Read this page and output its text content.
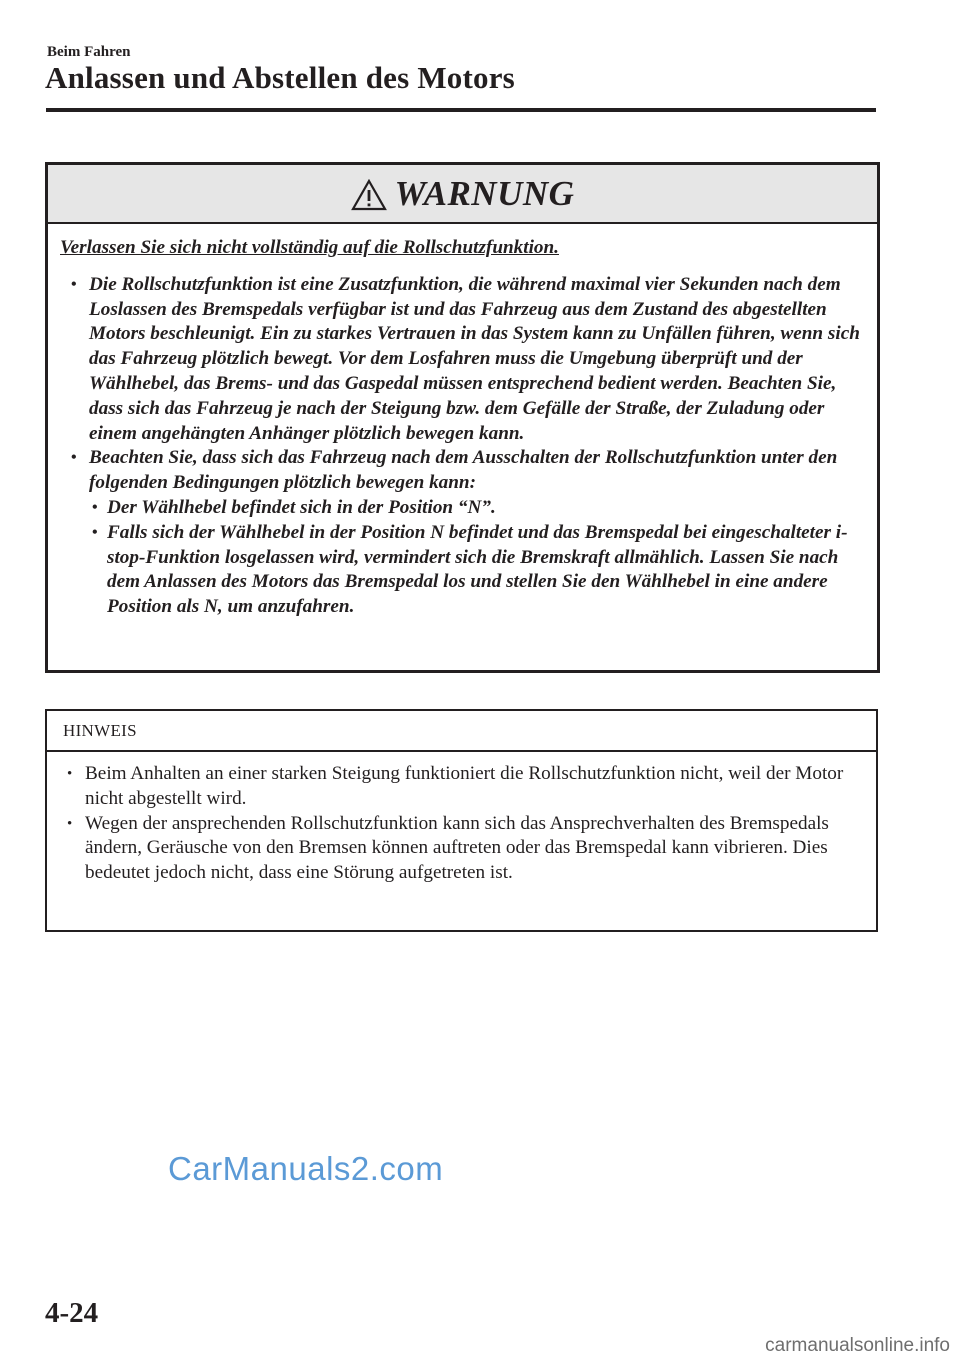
Beim Fahren
Anlassen und Abstellen des Motors
WARNUNG
Verlassen Sie sich nicht vollständig auf die Rollschutzfunktion.
• Die Rollschutzfunktion ist eine Zusatzfunktion, die während maximal vier Sekunden nach dem Loslassen des Bremspedals verfügbar ist und das Fahrzeug aus dem Zustand des abgestellten Motors beschleunigt. Ein zu starkes Vertrauen in das System kann zu Unfällen führen, wenn sich das Fahrzeug plötzlich bewegt. Vor dem Losfahren muss die Umgebung überprüft und der Wählhebel, das Brems- und das Gaspedal müssen entsprechend bedient werden. Beachten Sie, dass sich das Fahrzeug je nach der Steigung bzw. dem Gefälle der Straße, der Zuladung oder einem angehängten Anhänger plötzlich bewegen kann.
• Beachten Sie, dass sich das Fahrzeug nach dem Ausschalten der Rollschutzfunktion unter den folgenden Bedingungen plötzlich bewegen kann:
• Der Wählhebel befindet sich in der Position “N”.
• Falls sich der Wählhebel in der Position N befindet und das Bremspedal bei eingeschalteter i-stop-Funktion losgelassen wird, vermindert sich die Bremskraft allmählich. Lassen Sie nach dem Anlassen des Motors das Bremspedal los und stellen Sie den Wählhebel in eine andere Position als N, um anzufahren.
HINWEIS
• Beim Anhalten an einer starken Steigung funktioniert die Rollschutzfunktion nicht, weil der Motor nicht abgestellt wird.
• Wegen der ansprechenden Rollschutzfunktion kann sich das Ansprechverhalten des Bremspedals ändern, Geräusche von den Bremsen können auftreten oder das Bremspedal kann vibrieren. Dies bedeutet jedoch nicht, dass eine Störung aufgetreten ist.
CarManuals2.com
4-24
carmanualsonline.info
